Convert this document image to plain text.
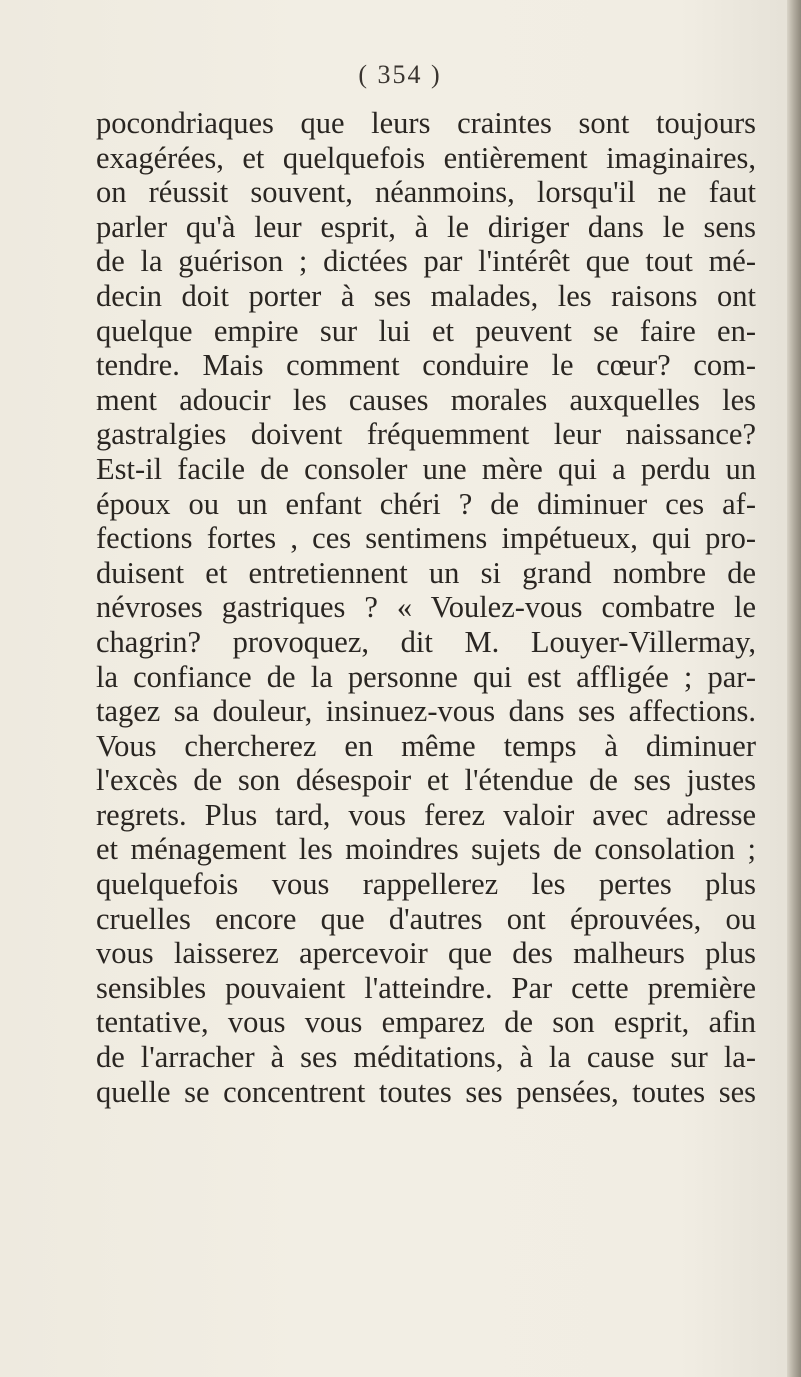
( 354 )
pocondriaques que leurs craintes sont toujours
exagérées, et quelquefois entièrement imaginaires,
on réussit souvent, néanmoins, lorsqu'il ne faut
parler qu'à leur esprit, à le diriger dans le sens
de la guérison ; dictées par l'intérêt que tout mé-
decin doit porter à ses malades, les raisons ont
quelque empire sur lui et peuvent se faire en-
tendre. Mais comment conduire le cœur? com-
ment adoucir les causes morales auxquelles les
gastralgies doivent fréquemment leur naissance?
Est-il facile de consoler une mère qui a perdu un
époux ou un enfant chéri ? de diminuer ces af-
fections fortes , ces sentimens impétueux, qui pro-
duisent et entretiennent un si grand nombre de
névroses gastriques ? « Voulez-vous combatre le
chagrin? provoquez, dit M. Louyer-Villermay,
la confiance de la personne qui est affligée ; par-
tagez sa douleur, insinuez-vous dans ses affections.
Vous chercherez en même temps à diminuer
l'excès de son désespoir et l'étendue de ses justes
regrets. Plus tard, vous ferez valoir avec adresse
et ménagement les moindres sujets de consolation ;
quelquefois vous rappellerez les pertes plus
cruelles encore que d'autres ont éprouvées, ou
vous laisserez apercevoir que des malheurs plus
sensibles pouvaient l'atteindre. Par cette première
tentative, vous vous emparez de son esprit, afin
de l'arracher à ses méditations, à la cause sur la-
quelle se concentrent toutes ses pensées, toutes ses
